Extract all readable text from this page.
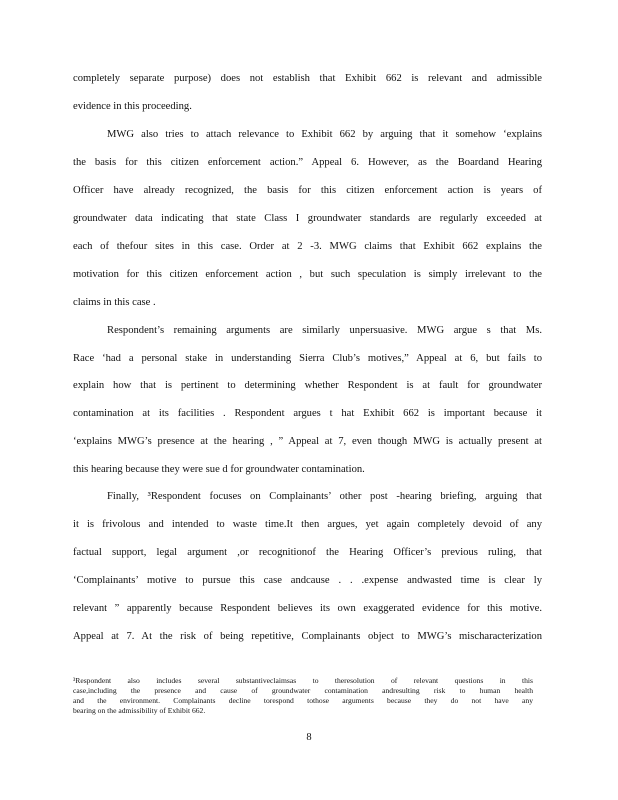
completely separate purpose) does not establish that Exhibit 662 is relevant and admissible
evidence in this proceeding.
MWG also tries to attach relevance to Exhibit 662 by arguing that it somehow ‘explains
the basis for this citizen enforcement action.” Appeal 6. However, as the Boardand Hearing
Officer have already recognized, the basis for this citizen enforcement action is years of
groundwater data indicating that state Class I groundwater standards are regularly exceeded at
each of thefour sites in this case. Order at 2 -3. MWG claims that Exhibit 662 explains the
motivation for this citizen enforcement action , but such speculation is simply irrelevant to the
claims in this case .
Respondent’s remaining arguments are similarly unpersuasive. MWG argue s that Ms.
Race ‘had a personal stake in understanding Sierra Club’s motives,” Appeal at 6, but fails to
explain how that is pertinent to determining whether Respondent is at fault for groundwater
contamination at its facilities . Respondent argues t hat Exhibit 662 is important because it
‘explains MWG’s presence at the hearing , ” Appeal at 7, even though MWG is actually present at
this hearing because they were sue d for groundwater contamination.
Finally, ³Respondent focuses on Complainants’ other post -hearing briefing, arguing that
it is frivolous and intended to waste time.It then argues, yet again completely devoid of any
factual support, legal argument ,or recognitionof the Hearing Officer’s previous ruling, that
‘Complainants’ motive to pursue this case andcause . . .expense andwasted time is clear ly
relevant ” apparently because Respondent believes its own exaggerated evidence for this motive.
Appeal at 7. At the risk of being repetitive, Complainants object to MWG’s mischaracterization
³Respondent also includes several substantiveclaimsas to theresolution of relevant questions in this
case,including the presence and cause of groundwater contamination andresulting risk to human health
and the environment. Complainants decline torespond tothose arguments because they do not have any
bearing on the admissibility of Exhibit 662.
8
